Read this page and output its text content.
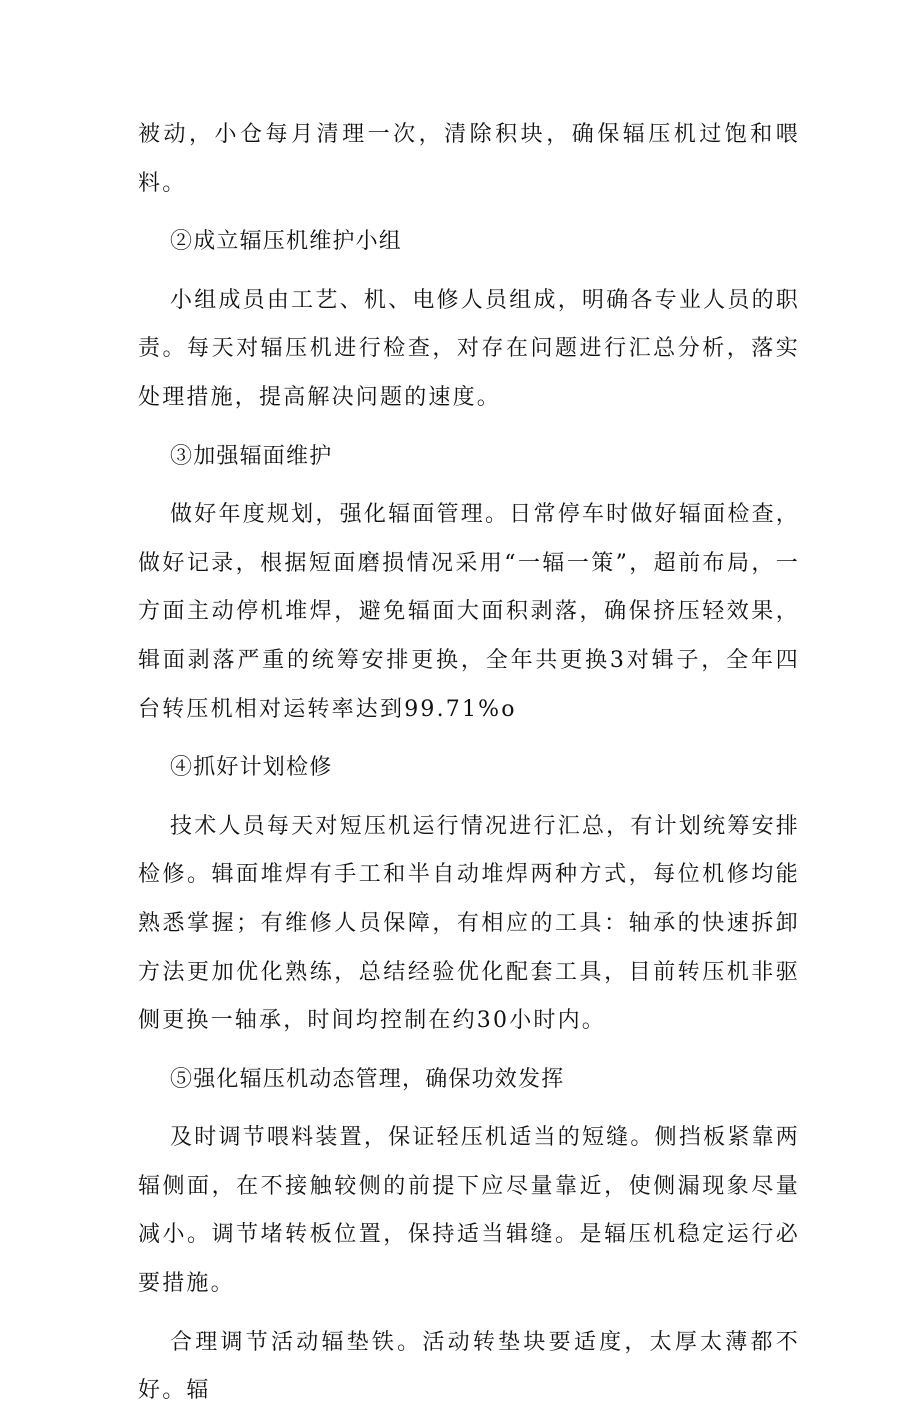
被动，小仓每月清理一次，清除积块，确保辐压机过饱和喂料。

②成立辐压机维护小组

小组成员由工艺、机、电修人员组成，明确各专业人员的职责。每天对辐压机进行检查，对存在问题进行汇总分析，落实处理措施，提高解决问题的速度。

③加强辐面维护

做好年度规划，强化辐面管理。日常停车时做好辐面检查，做好记录，根据短面磨损情况采用“一辐一策”，超前布局，一方面主动停机堆焊，避免辐面大面积剥落，确保挤压轻效果，辑面剥落严重的统筹安排更换，全年共更换3对辑子，全年四台转压机相对运转率达到99.71%o

④抓好计划检修

技术人员每天对短压机运行情况进行汇总，有计划统筹安排检修。辑面堆焊有手工和半自动堆焊两种方式，每位机修均能熟悉掌握；有维修人员保障，有相应的工具：轴承的快速拆卸方法更加优化熟练，总结经验优化配套工具，目前转压机非驱侧更换一轴承，时间均控制在约30小时内。

⑤强化辐压机动态管理，确保功效发挥

及时调节喂料装置，保证轻压机适当的短缝。侧挡板紧靠两辐侧面，在不接触较侧的前提下应尽量靠近，使侧漏现象尽量减小。调节堵转板位置，保持适当辑缝。是辐压机稳定运行必要措施。

合理调节活动辐垫铁。活动转垫块要适度，太厚太薄都不好。辐
